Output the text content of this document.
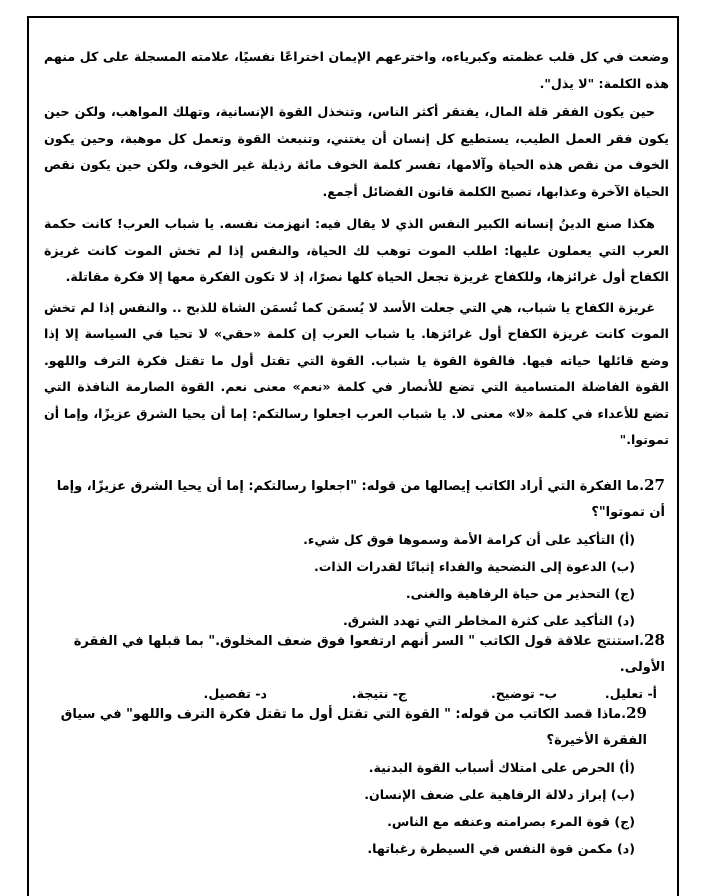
وضعت في كل قلب عظمته وكبرياءه، واخترعهم الإيمان اختراعًا نفسيًا، علامته المسجلة على كل منهم هذه الكلمة: "لا يذل".

حين يكون الفقر قلة المال، يفتقر أكثر الناس، وتنخذل القوة الإنسانية، وتهلك المواهب، ولكن حين يكون فقر العمل الطيب، يستطيع كل إنسان أن يغتني، وتنبعث القوة وتعمل كل موهبة، وحين يكون الخوف من نقص هذه الحياة وآلامها، تفسر كلمة الخوف مائة رذيلة غير الخوف، ولكن حين يكون نقص الحياة الآخرة وعذابها، تصبح الكلمة قانون الفضائل أجمع.

هكذا صنع الدينُ إنسانه الكبير النفس الذي لا يقال فيه: انهزمت نفسه. يا شباب العرب! كانت حكمة العرب التي يعملون عليها: اطلب الموت توهب لك الحياة، والنفس إذا لم تخش الموت كانت غريزة الكفاح أول غرائزها، وللكفاح غريزة تجعل الحياة كلها نصرًا، إذ لا تكون الفكرة معها إلا فكرة مقاتلة.

غريزة الكفاح يا شباب، هي التي جعلت الأسد لا يُسمَن كما تُسمَن الشاة للذبح .. والنفس إذا لم تخش الموت كانت غريزة الكفاح أول غرائزها. يا شباب العرب إن كلمة «حقي» لا تحيا في السياسة إلا إذا وضع قائلها حياته فيها. فالقوة القوة يا شباب. القوة التي تقتل أول ما تقتل فكرة الترف واللهو. القوة الفاضلة المتسامية التي تضع للأنصار في كلمة «نعم» معنى نعم. القوة الصارمة النافذة التي تضع للأعداء في كلمة «لا» معنى لا. يا شباب العرب اجعلوا رسالتكم: إما أن يحيا الشرق عزيزًا، وإما أن تموتوا."

27.ما الفكرة التي أراد الكاتب إيصالها من قوله: "اجعلوا رسالتكم: إما أن يحيا الشرق عزيزًا، وإما أن تموتوا"؟

(أ) التأكيد على أن كرامة الأمة وسموها فوق كل شيء.

(ب) الدعوة إلى التضحية والفداء إثباتًا لقدرات الذات.

(ج) التحذير من حياة الرفاهية والغنى.

(د) التأكيد على كثرة المخاطر التي تهدد الشرق.

28.استنتج علاقة قول الكاتب " السر أنهم ارتفعوا فوق ضعف المخلوق." بما قبلها في الفقرة الأولى.

أ- تعليل.
ب- توضيح.
ج- نتيجة.
د- تفصيل.

29.ماذا قصد الكاتب من قوله: " القوة التي تقتل أول ما تقتل فكرة الترف واللهو" في سياق الفقرة الأخيرة؟

(أ) الحرص على امتلاك أسباب القوة البدنية.

(ب) إبراز دلالة الرفاهية على ضعف الإنسان.

(ج) قوة المرء بصرامته وعنفه مع الناس.

(د) مكمن قوة النفس في السيطرة رغباتها.
